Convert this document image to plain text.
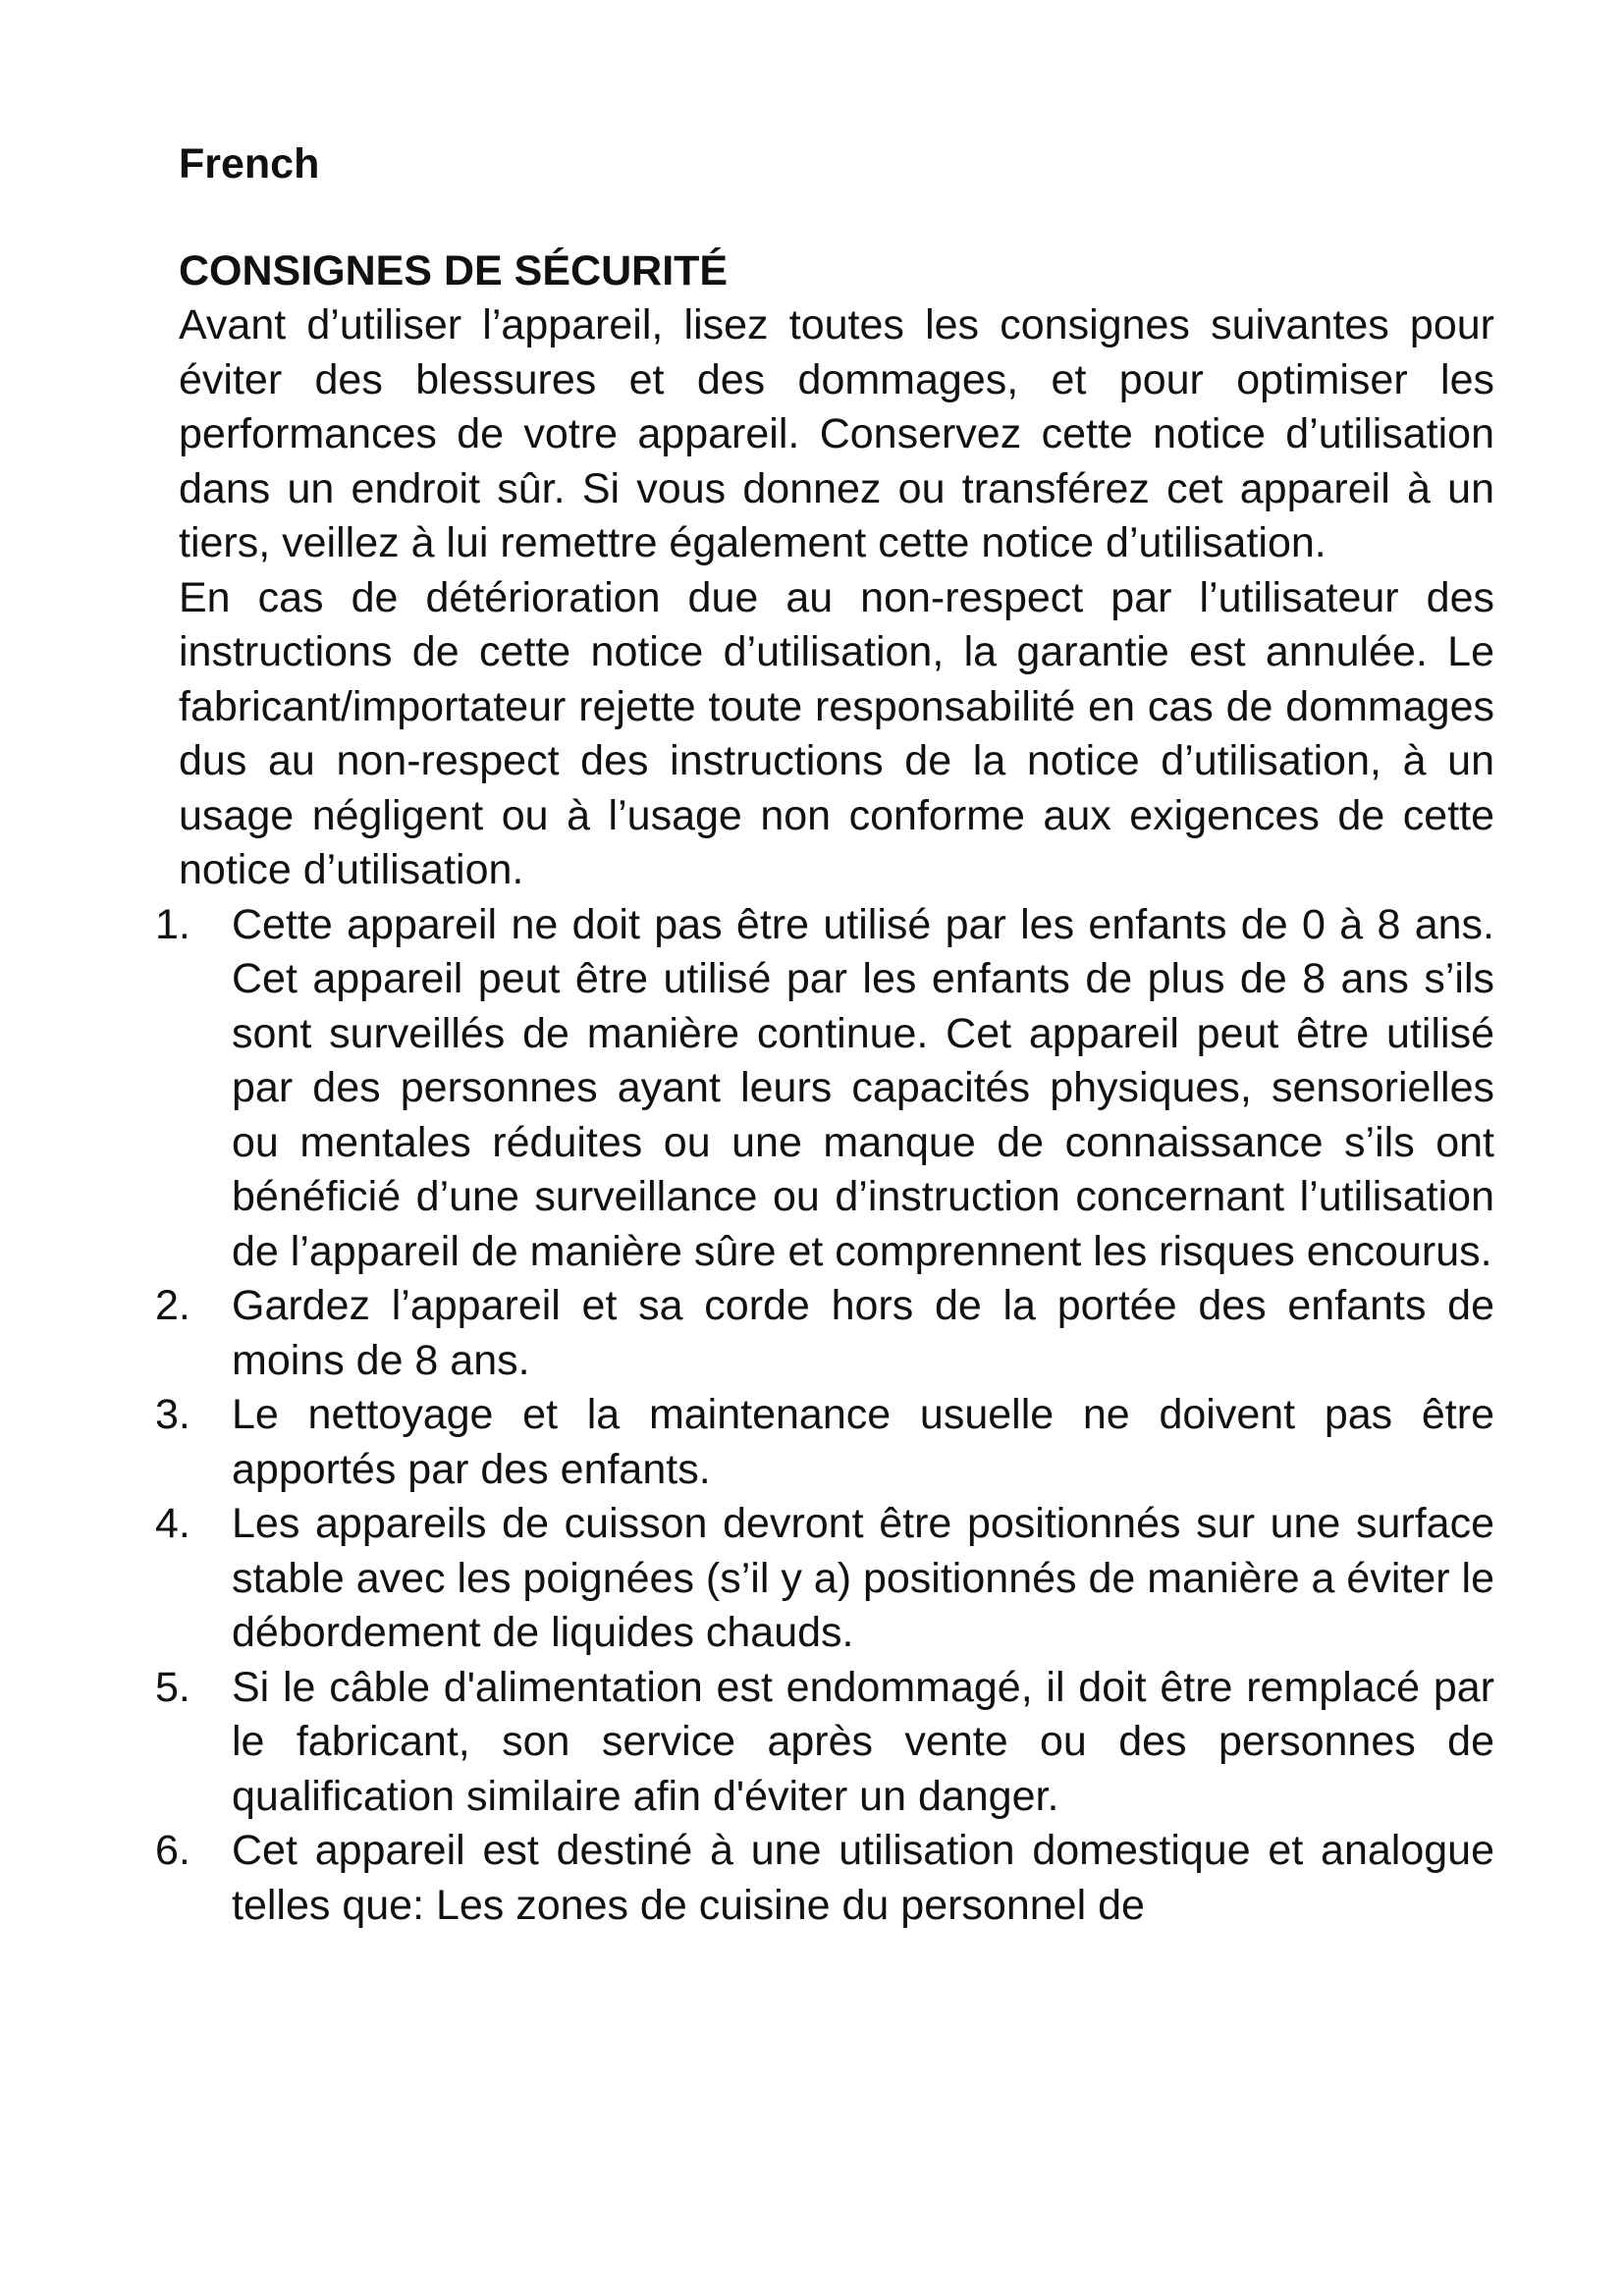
French
CONSIGNES DE SÉCURITÉ

Avant d’utiliser l’appareil, lisez toutes les consignes suivantes pour éviter des blessures et des dommages, et pour optimiser les performances de votre appareil. Conservez cette notice d’utilisation dans un endroit sûr. Si vous donnez ou transférez cet appareil à un tiers, veillez à lui remettre également cette notice d’utilisation.

En cas de détérioration due au non-respect par l’utilisateur des instructions de cette notice d’utilisation, la garantie est annulée. Le fabricant/importateur rejette toute responsabilité en cas de dommages dus au non-respect des instructions de la notice d’utilisation, à un usage négligent ou à l’usage non conforme aux exigences de cette notice d’utilisation.

1. Cette appareil ne doit pas être utilisé par les enfants de 0 à 8 ans. Cet appareil peut être utilisé par les enfants de plus de 8 ans s’ils sont surveillés de manière continue. Cet appareil peut être utilisé par des personnes ayant leurs capacités physiques, sensorielles ou mentales réduites ou une manque de connaissance s’ils ont bénéficié d’une surveillance ou d’instruction concernant l’utilisation de l’appareil de manière sûre et comprennent les risques encourus.
2. Gardez l’appareil et sa corde hors de la portée des enfants de moins de 8 ans.
3. Le nettoyage et la maintenance usuelle ne doivent pas être apportés par des enfants.
4. Les appareils de cuisson devront être positionnés sur une surface stable avec les poignées (s’il y a) positionnés de manière a éviter le débordement de liquides chauds.
5. Si le câble d'alimentation est endommagé, il doit être remplacé par le fabricant, son service après vente ou des personnes de qualification similaire afin d'éviter un danger.
6. Cet appareil est destiné à une utilisation domestique et analogue telles que: Les zones de cuisine du personnel de
